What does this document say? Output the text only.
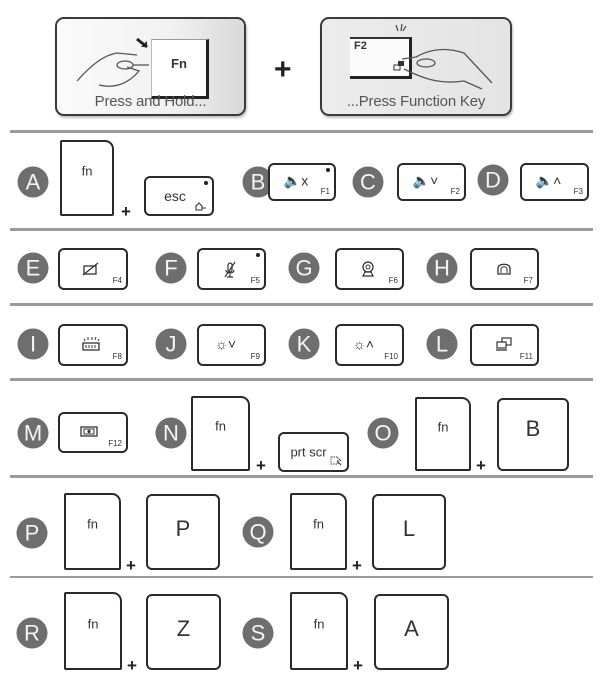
Fn
Press and Hold...
+
F2
...Press Function Key
A	fn
+
esc
B	🔈x
F1	C	🔈˅
F2	D	🔈˄
F3
E	F4	F	F5	G	F6	H	F7
I	F8	J	☼˅
F9	K	☼˄
F10	L	F11
M	F12	N	fn
+
prt scr
O	fn
+
B
P	fn
+
P	Q	fn
+
L
R	fn
+
Z	S	fn
+
A
